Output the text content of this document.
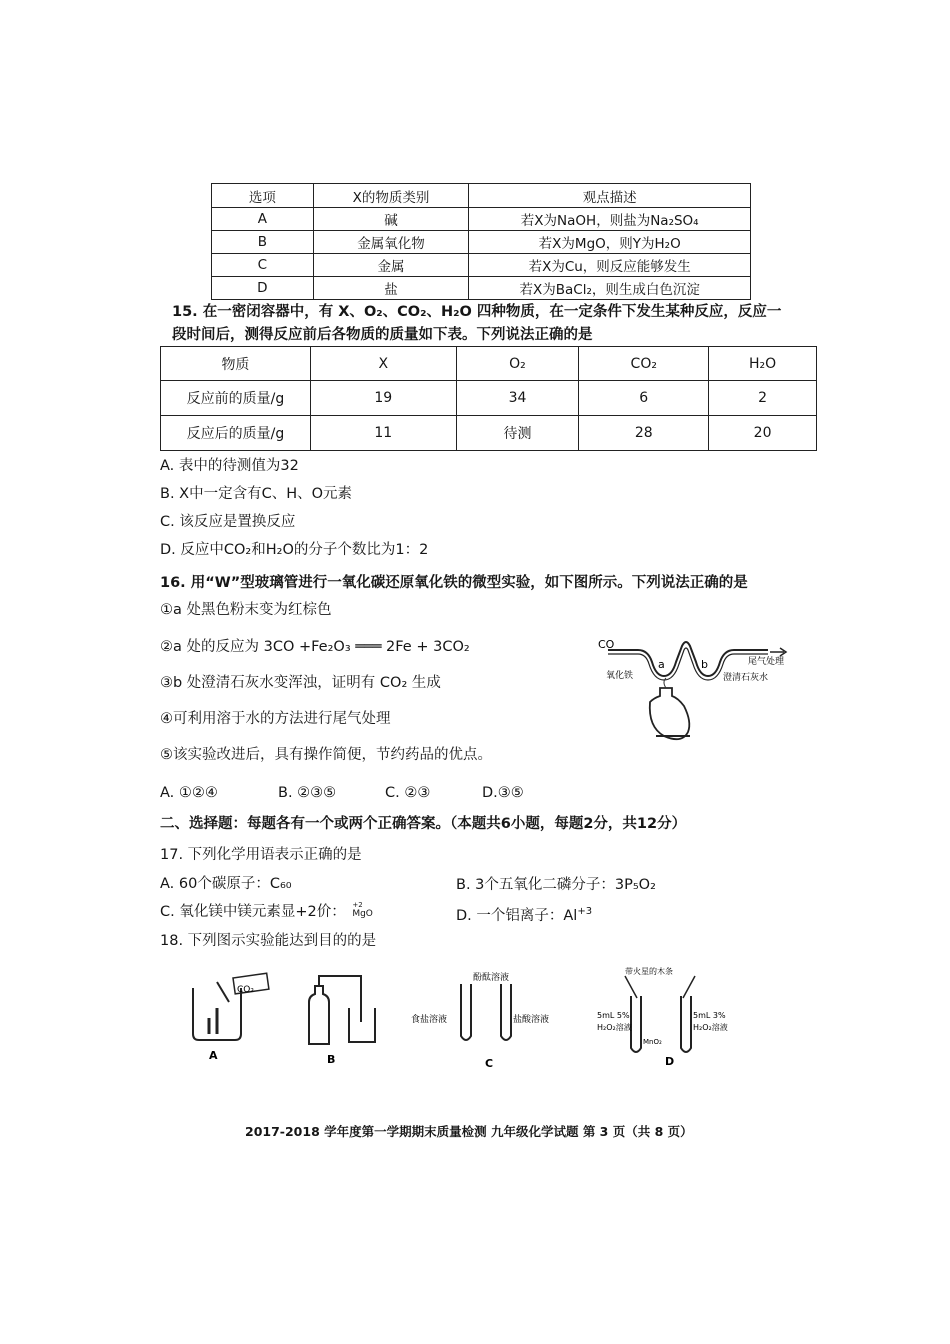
选项	X的物质类别	观点描述
A	碱	若X为NaOH，则盐为Na₂SO₄
B	金属氧化物	若X为MgO，则Y为H₂O
C	金属	若X为Cu，则反应能够发生
D	盐	若X为BaCl₂，则生成白色沉淀
15. 在一密闭容器中，有 X、O₂、CO₂、H₂O 四种物质，在一定条件下发生某种反应，反应一
段时间后，测得反应前后各物质的质量如下表。下列说法正确的是
物质	X	O₂	CO₂	H₂O
反应前的质量/g	19	34	6	2
反应后的质量/g	11	待测	28	20
A. 表中的待测值为32
B. X中一定含有C、H、O元素
C. 该反应是置换反应
D. 反应中CO₂和H₂O的分子个数比为1：2
16. 用“W”型玻璃管进行一氧化碳还原氧化铁的微型实验，如下图所示。下列说法正确的是
①a 处黑色粉末变为红棕色
②a 处的反应为 3CO +Fe₂O₃ ═══ 2Fe + 3CO₂
③b 处澄清石灰水变浑浊，证明有 CO₂ 生成
④可利用溶于水的方法进行尾气处理
⑤该实验改进后，具有操作简便，节约药品的优点。
A. ①②④	B. ②③⑤	C. ②③	D.③⑤
CO
a	b	尾气处理
氧化铁	澄清石灰水
二、选择题：每题各有一个或两个正确答案。（本题共6小题，每题2分，共12分）
17. 下列化学用语表示正确的是
A. 60个碳原子：C₆₀	B. 3个五氧化二磷分子：3P₅O₂
C. 氧化镁中镁元素显+2价： +2
MgO	D. 一个铝离子：$Al^{+3}$
18. 下列图示实验能达到目的的是
CO₂
A	B
酚酞溶液
食盐溶液	盐酸溶液
C
带火星的木条
5mL 5%
H₂O₂溶液
5mL 3%
H₂O₂溶液
MnO₂
D
2017-2018 学年度第一学期期末质量检测 九年级化学试题 第 3 页（共 8 页）
